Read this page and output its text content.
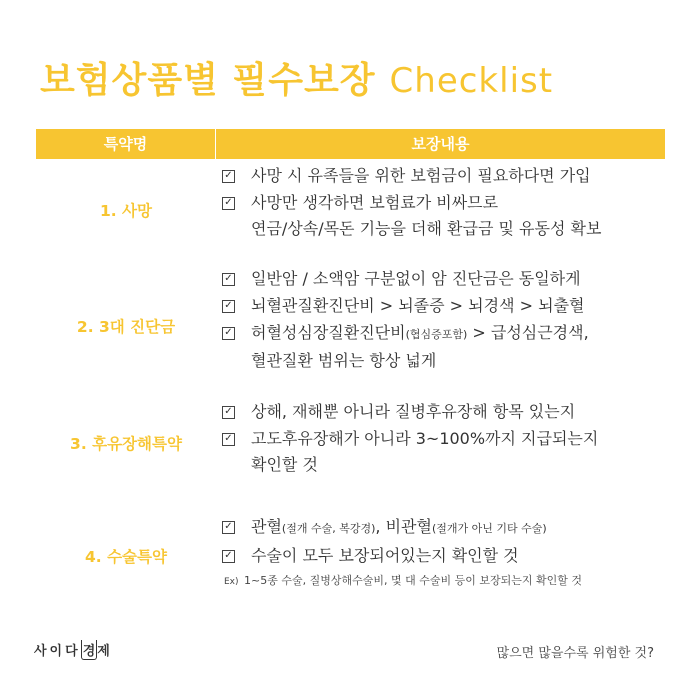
보험상품별 필수보장 Checklist
특약명	보장내용
1. 사망
✓ 사망 시 유족들을 위한 보험금이 필요하다면 가입
✓ 사망만 생각하면 보험료가 비싸므로
연금/상속/목돈 기능을 더해 환급금 및 유동성 확보
2. 3대 진단금
✓ 일반암 / 소액암 구분없이 암 진단금은 동일하게
✓ 뇌혈관질환진단비 > 뇌졸증 > 뇌경색 > 뇌출혈
✓ 허혈성심장질환진단비(협심증포함) > 급성심근경색,
혈관질환 범위는 항상 넓게
3. 후유장해특약
✓ 상해, 재해뿐 아니라 질병후유장해 항목 있는지
✓ 고도후유장해가 아니라 3~100%까지 지급되는지
확인할 것
4. 수술특약
✓ 관혈(절개 수술, 복강경), 비관혈(절개가 아닌 기타 수술)
✓ 수술이 모두 보장되어있는지 확인할 것
Ex) 1~5종 수술, 질병상해수술비, 몇 대 수술비 등이 보장되는지 확인할 것
사이다 경 제	많으면 많을수록 위험한 것?
